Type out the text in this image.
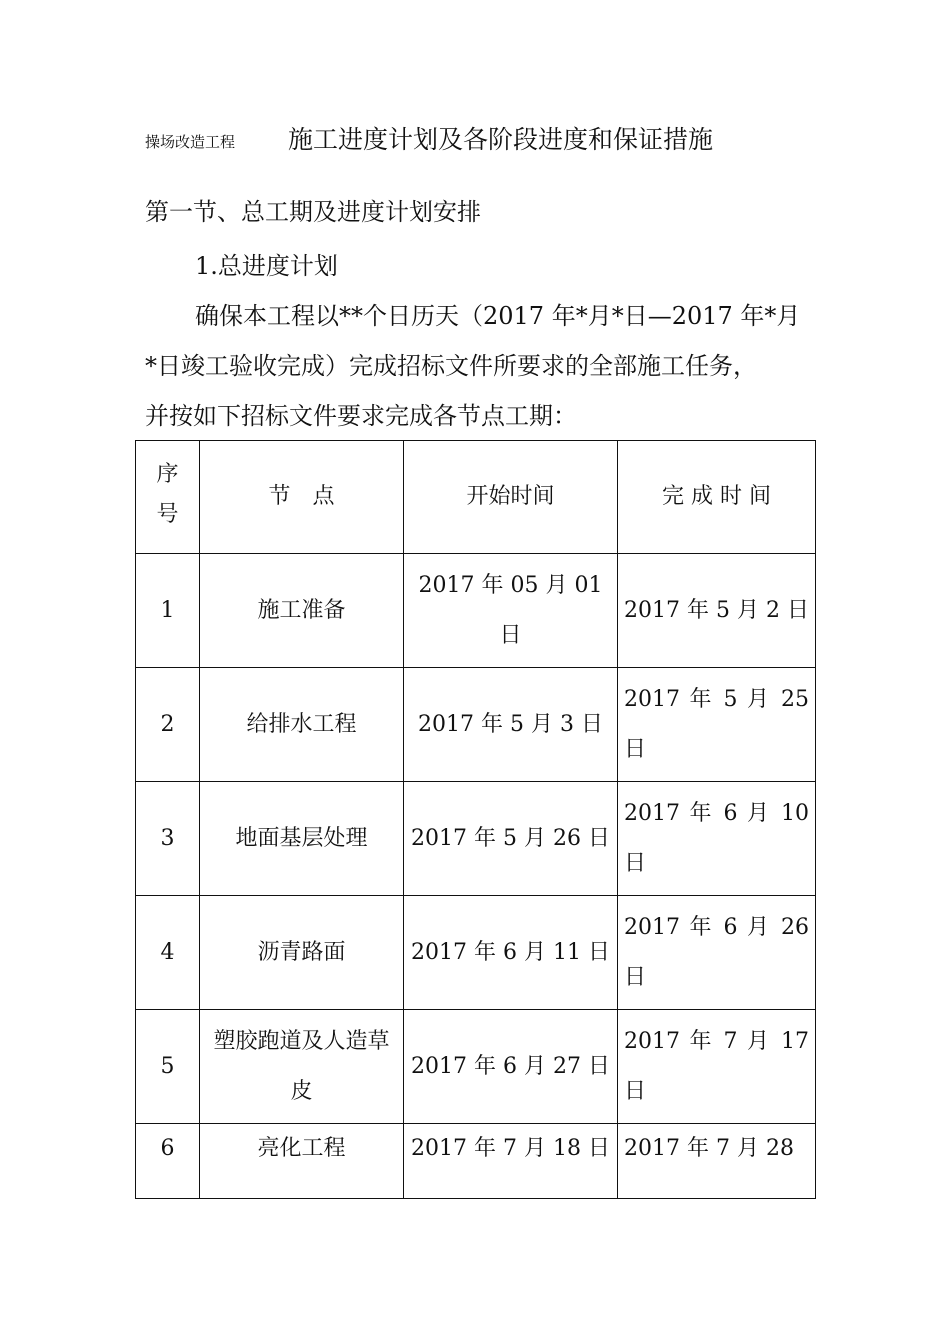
操场改造工程 施工进度计划及各阶段进度和保证措施
第一节、总工期及进度计划安排
1.总进度计划
确保本工程以**个日历天（2017 年*月*日—2017 年*月
*日竣工验收完成）完成招标文件所要求的全部施工任务，
并按如下招标文件要求完成各节点工期：
序号	节　点	开始时间	完 成 时 间
1	施工准备	2017 年 05 月 01 日	2017 年 5 月 2 日
2	给排水工程	2017 年 5 月 3 日	2017 年 5 月 25 日
3	地面基层处理	2017 年 5 月 26 日	2017 年 6 月 10 日
4	沥青路面	2017 年 6 月 11 日	2017 年 6 月 26 日
5	塑胶跑道及人造草皮	2017 年 6 月 27 日	2017 年 7 月 17 日
6	亮化工程	2017 年 7 月 18 日	2017 年 7 月 28
